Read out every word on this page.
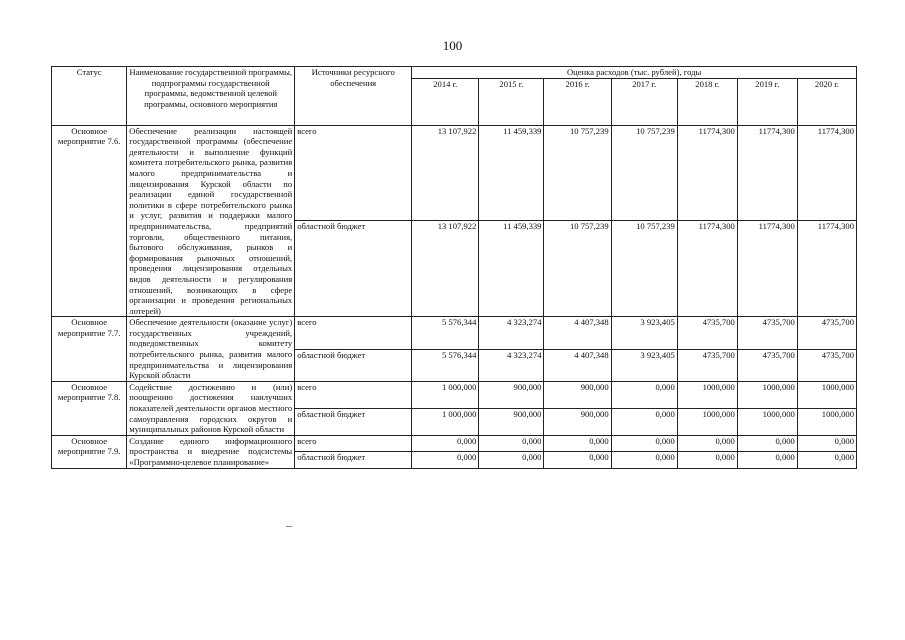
100
Статус	Наименование государственной программы, подпрограммы государственной программы, ведомственной целевой программы, основного мероприятия	Источники ресурсного обеспечения	Оценка расходов (тыс. рублей), годы						
			2014 г.	2015 г.	2016 г.	2017 г.	2018 г.	2019 г.	2020 г.
Основное мероприятие 7.6.	Обеспечение реализации настоящей государственной программы (обеспечение деятельности и выполнение функций комитета потребительского рынка, развития малого предпринимательства и лицензирования Курской области по реализации единой государственной политики в сфере потребительского рынка и услуг, развития и поддержки малого предпринимательства, предприятий торговли, общественного питания, бытового обслуживания, рынков и формирования рыночных отношений, проведения лицензирования отдельных видов деятельности и регулирования отношений, возникающих в сфере организации и проведения региональных лотерей)	всего	13 107,922	11 459,339	10 757,239	10 757,239	11774,300	11774,300	11774,300
		областной бюджет	13 107,922	11 459,339	10 757,239	10 757,239	11774,300	11774,300	11774,300
Основное мероприятие 7.7.	Обеспечение деятельности (оказание услуг) государственных учреждений, подведомственных комитету потребительского рынка, развития малого предпринимательства и лицензирования Курской области	всего	5 576,344	4 323,274	4 407,348	3 923,405	4735,700	4735,700	4735,700
		областной бюджет	5 576,344	4 323,274	4 407,348	3 923,405	4735,700	4735,700	4735,700
Основное мероприятие 7.8.	Содействие достижению и (или) поощрению достижения наилучших показателей деятельности органов местного самоуправления городских округов и муниципальных районов Курской области	всего	1 000,000	900,000	900,000	0,000	1000,000	1000,000	1000,000
		областной бюджет	1 000,000	900,000	900,000	0,000	1000,000	1000,000	1000,000
Основное мероприятие 7.9.	Создание единого информационного пространства и внедрение подсистемы «Программно-целевое планирование»	всего	0,000	0,000	0,000	0,000	0,000	0,000	0,000
		областной бюджет	0,000	0,000	0,000	0,000	0,000	0,000	0,000
